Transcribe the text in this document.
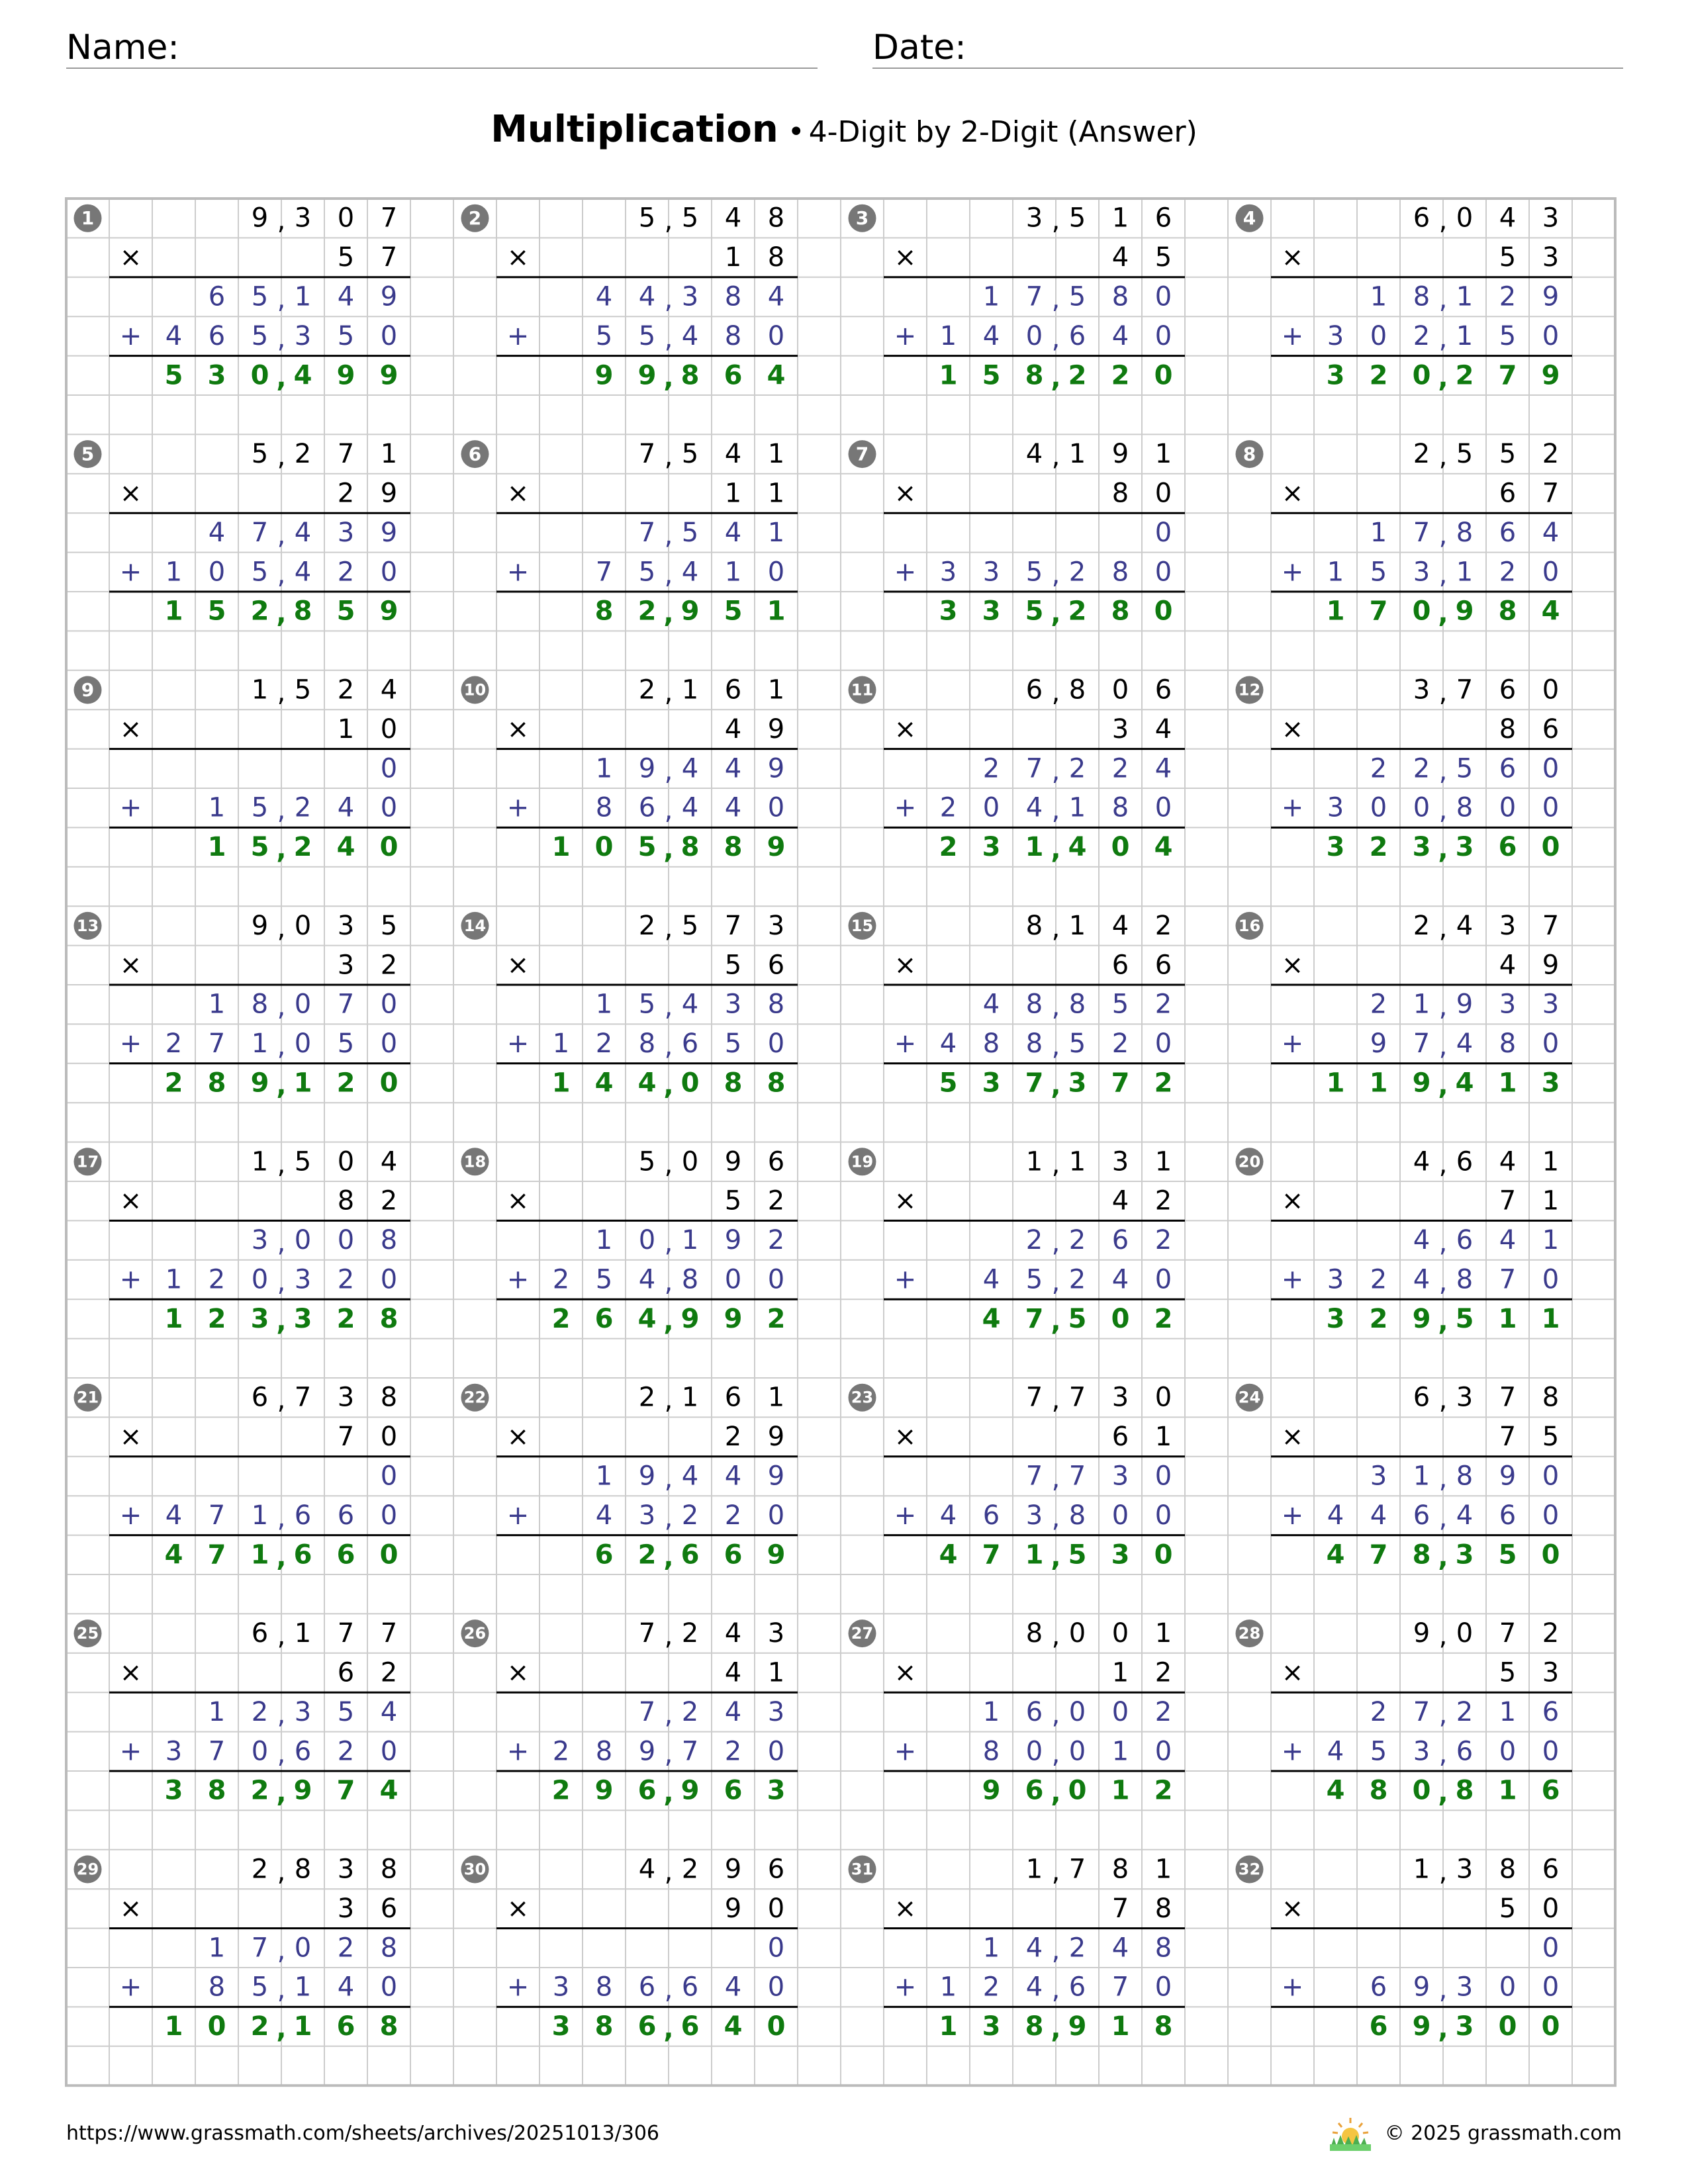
Name:	Date:
Multiplication • 4-Digit by 2-Digit (Answer)
1	9 3 0 7
,
×	5 7
6 5 1 4 9
,
+ 4 6 5 3 5 0
,
5 3 0 4 9 9
,
2	5 5 4 8
,
×	1 8
4 4 3 8 4
,
+	5 5 4 8 0
,
9 9 8 6 4
,
3	3 5 1 6
,
×	4 5
1 7 5 8 0
,
+ 1 4 0 6 4 0
,
1 5 8 2 2 0
,
4	6 0 4 3
,
×	5 3
1 8 1 2 9
,
+ 3 0 2 1 5 0
,
3 2 0 2 7 9
,
5	5 2 7 1
,
×	2 9
4 7 4 3 9
,
+ 1 0 5 4 2 0
,
1 5 2 8 5 9
,
6	7 5 4 1
,
×	1 1
7 5 4 1
,
+	7 5 4 1 0
,
8 2 9 5 1
,
7	4 1 9 1
,
×	8 0
0
+ 3 3 5 2 8 0
,
3 3 5 2 8 0
,
8	2 5 5 2
,
×	6 7
1 7 8 6 4
,
+ 1 5 3 1 2 0
,
1 7 0 9 8 4
,
9	1 5 2 4
,
×	1 0
0
+	1 5 2 4 0
,
1 5 2 4 0
,
10	2 1 6 1
,
×	4 9
1 9 4 4 9
,
+	8 6 4 4 0
,
1 0 5 8 8 9
,
11	6 8 0 6
,
×	3 4
2 7 2 2 4
,
+ 2 0 4 1 8 0
,
2 3 1 4 0 4
,
12	3 7 6 0
,
×	8 6
2 2 5 6 0
,
+ 3 0 0 8 0 0
,
3 2 3 3 6 0
,
13	9 0 3 5
,
×	3 2
1 8 0 7 0
,
+ 2 7 1 0 5 0
,
2 8 9 1 2 0
,
14	2 5 7 3
,
×	5 6
1 5 4 3 8
,
+ 1 2 8 6 5 0
,
1 4 4 0 8 8
,
15	8 1 4 2
,
×	6 6
4 8 8 5 2
,
+ 4 8 8 5 2 0
,
5 3 7 3 7 2
,
16	2 4 3 7
,
×	4 9
2 1 9 3 3
,
+	9 7 4 8 0
,
1 1 9 4 1 3
,
17	1 5 0 4
,
×	8 2
3 0 0 8
,
+ 1 2 0 3 2 0
,
1 2 3 3 2 8
,
18	5 0 9 6
,
×	5 2
1 0 1 9 2
,
+ 2 5 4 8 0 0
,
2 6 4 9 9 2
,
19	1 1 3 1
,
×	4 2
2 2 6 2
,
+	4 5 2 4 0
,
4 7 5 0 2
,
20	4 6 4 1
,
×	7 1
4 6 4 1
,
+ 3 2 4 8 7 0
,
3 2 9 5 1 1
,
21	6 7 3 8
,
×	7 0
0
+ 4 7 1 6 6 0
,
4 7 1 6 6 0
,
22	2 1 6 1
,
×	2 9
1 9 4 4 9
,
+	4 3 2 2 0
,
6 2 6 6 9
,
23	7 7 3 0
,
×	6 1
7 7 3 0
,
+ 4 6 3 8 0 0
,
4 7 1 5 3 0
,
24	6 3 7 8
,
×	7 5
3 1 8 9 0
,
+ 4 4 6 4 6 0
,
4 7 8 3 5 0
,
25	6 1 7 7
,
×	6 2
1 2 3 5 4
,
+ 3 7 0 6 2 0
,
3 8 2 9 7 4
,
26	7 2 4 3
,
×	4 1
7 2 4 3
,
+ 2 8 9 7 2 0
,
2 9 6 9 6 3
,
27	8 0 0 1
,
×	1 2
1 6 0 0 2
,
+	8 0 0 1 0
,
9 6 0 1 2
,
28	9 0 7 2
,
×	5 3
2 7 2 1 6
,
+ 4 5 3 6 0 0
,
4 8 0 8 1 6
,
29	2 8 3 8
,
×	3 6
1 7 0 2 8
,
+	8 5 1 4 0
,
1 0 2 1 6 8
,
30	4 2 9 6
,
×	9 0
0
+ 3 8 6 6 4 0
,
3 8 6 6 4 0
,
31	1 7 8 1
,
×	7 8
1 4 2 4 8
,
+ 1 2 4 6 7 0
,
1 3 8 9 1 8
,
32	1 3 8 6
,
×	5 0
0
+	6 9 3 0 0
,
6 9 3 0 0
,
https://www.grassmath.com/sheets/archives/20251013/306	© 2025 grassmath.com
